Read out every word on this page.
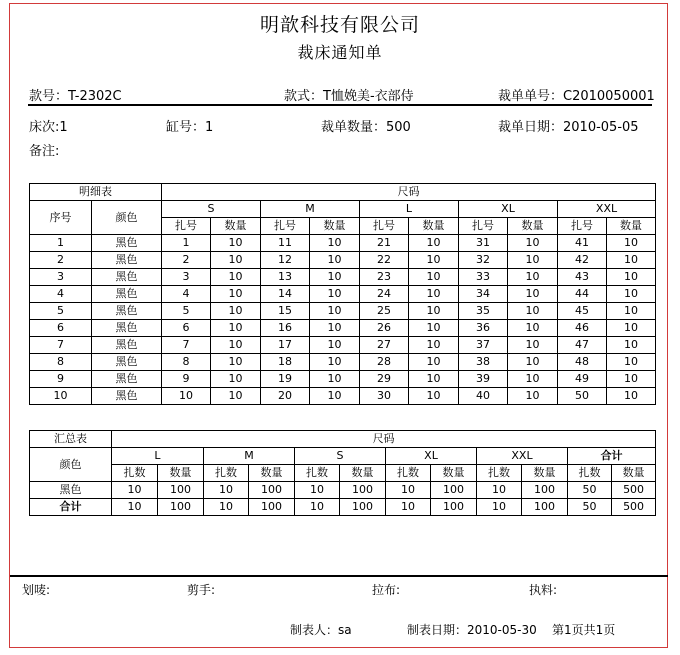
明歆科技有限公司
裁床通知单
款号：T-2302C	款式：T恤娩美-衣部侍	裁单单号：C2010050001
床次:1	缸号：1	裁单数量：500	裁单日期：2010-05-05
备注:
明细表		尺码									
序号	颜色	S		M		L		XL		XXL	
		扎号	数量	扎号	数量	扎号	数量	扎号	数量	扎号	数量
1	黑色	1	10	11	10	21	10	31	10	41	10
2	黑色	2	10	12	10	22	10	32	10	42	10
3	黑色	3	10	13	10	23	10	33	10	43	10
4	黑色	4	10	14	10	24	10	34	10	44	10
5	黑色	5	10	15	10	25	10	35	10	45	10
6	黑色	6	10	16	10	26	10	36	10	46	10
7	黑色	7	10	17	10	27	10	37	10	47	10
8	黑色	8	10	18	10	28	10	38	10	48	10
9	黑色	9	10	19	10	29	10	39	10	49	10
10	黑色	10	10	20	10	30	10	40	10	50	10
汇总表	尺码											
颜色	L		M		S		XL		XXL		合计	
	扎数	数量	扎数	数量	扎数	数量	扎数	数量	扎数	数量	扎数	数量
黑色	10	100	10	100	10	100	10	100	10	100	50	500
合计	10	100	10	100	10	100	10	100	10	100	50	500
划唛:	剪手:	拉布:	执料:
制表人：sa	制表日期：2010-05-30 第1页共1页
